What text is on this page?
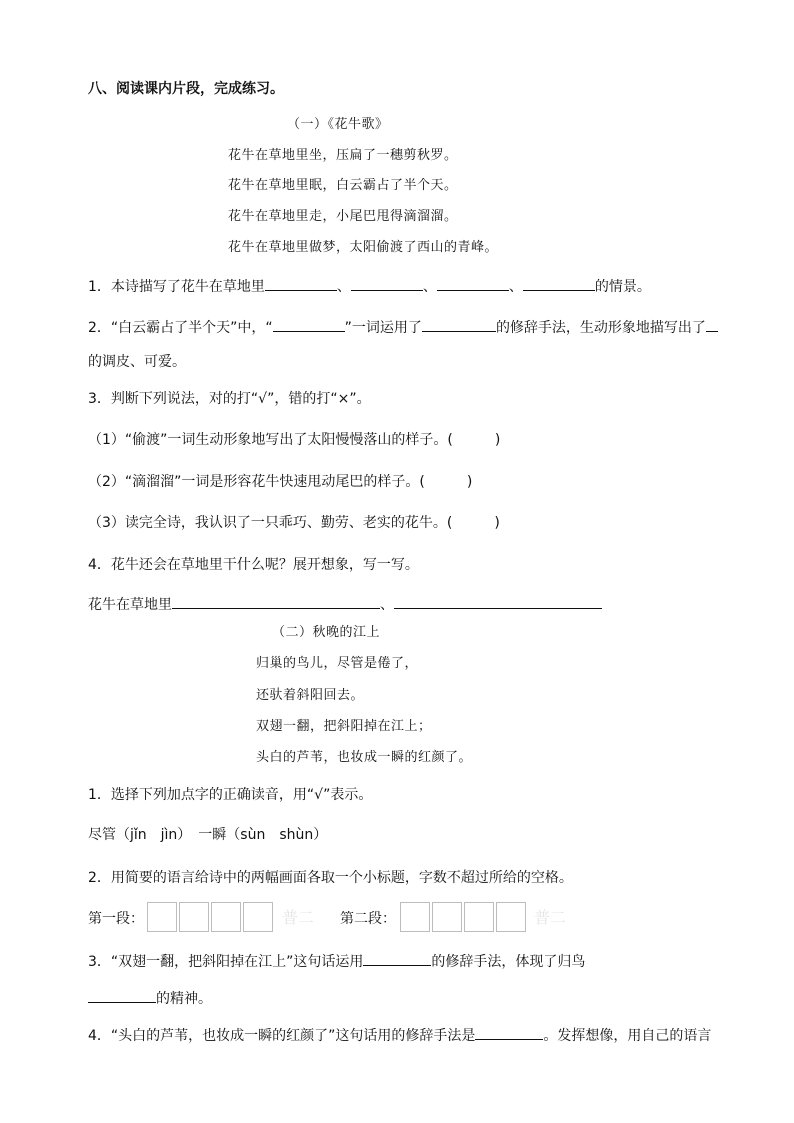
八、阅读课内片段，完成练习。
（一）《花牛歌》
花牛在草地里坐，压扁了一穗剪秋罗。
花牛在草地里眠，白云霸占了半个天。
花牛在草地里走，小尾巴甩得滴溜溜。
花牛在草地里做梦，太阳偷渡了西山的青峰。
1．本诗描写了花牛在草地里	、	、	、	的情景。
2．“白云霸占了半个天”中，“	”一词运用了	的修辞手法，生动形象地描写出了
的调皮、可爱。
3．判断下列说法，对的打“√”，错的打“×”。
（1）“偷渡”一词生动形象地写出了太阳慢慢落山的样子。(　　　)
（2）“滴溜溜”一词是形容花牛快速甩动尾巴的样子。(　　　)
（3）读完全诗，我认识了一只乖巧、勤劳、老实的花牛。(　　　)
4．花牛还会在草地里干什么呢？展开想象，写一写。
花牛在草地里	、
（二）秋晚的江上
归巢的鸟儿，尽管是倦了，
还驮着斜阳回去。
双翅一翻，把斜阳掉在江上；
头白的芦苇，也妆成一瞬的红颜了。
1．选择下列加点字的正确读音，用“√”表示。
尽管（jǐn　jìn）　一瞬（sùn　shùn）
2．用简要的语言给诗中的两幅画面各取一个小标题，字数不超过所给的空格。
第一段：	普二 第二段：	普二
3．“双翅一翻，把斜阳掉在江上”这句话运用	的修辞手法，体现了归鸟
的精神。
4．“头白的芦苇，也妆成一瞬的红颜了”这句话用的修辞手法是	。发挥想像，用自己的语言
